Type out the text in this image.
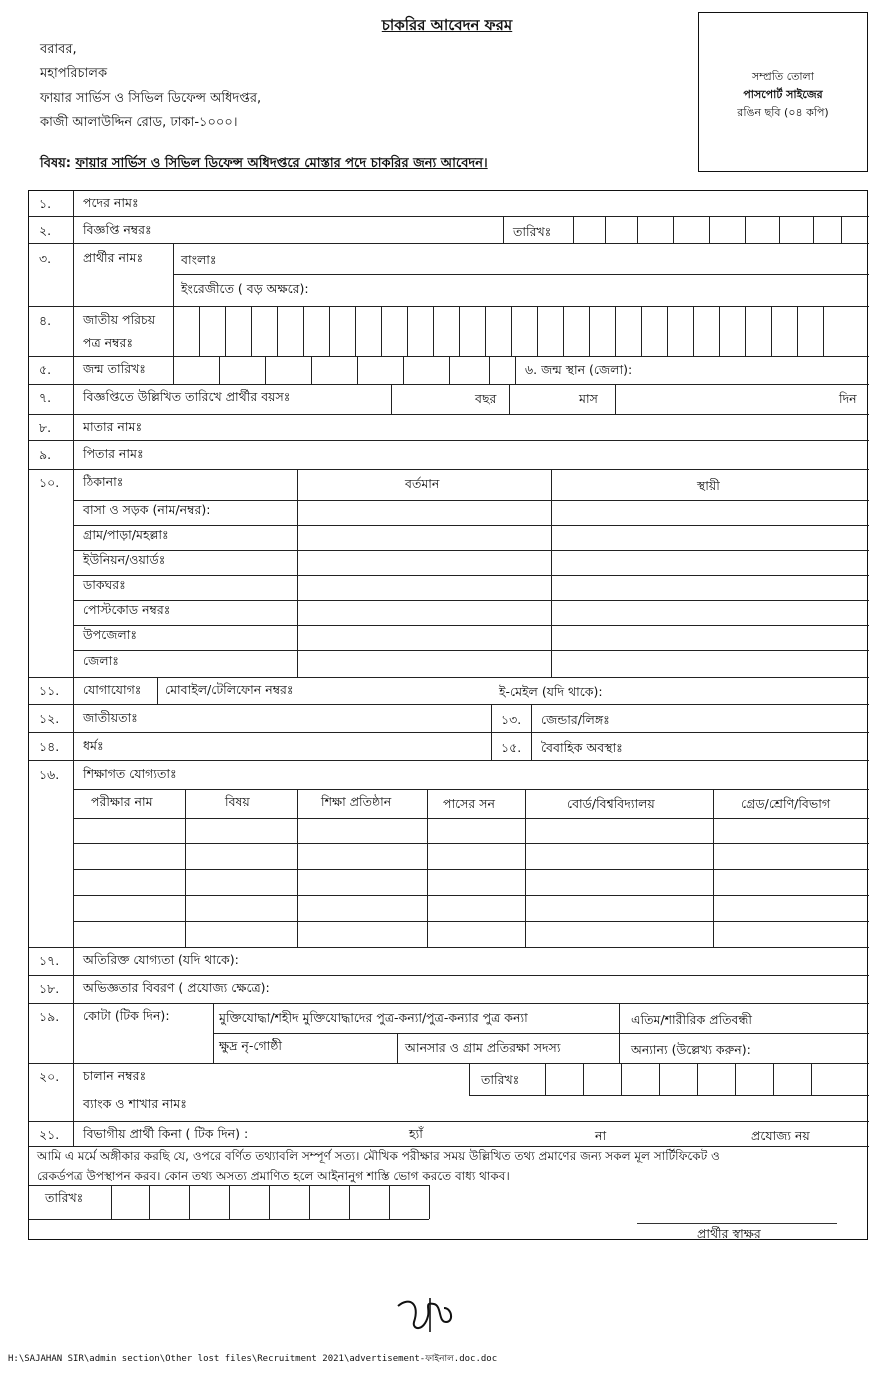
চাকরির আবেদন ফরম
বরাবর,
মহাপরিচালক
ফায়ার সার্ভিস ও সিভিল ডিফেন্স অধিদপ্তর,
কাজী আলাউদ্দিন রোড, ঢাকা-১০০০।
সম্প্রতি তোলা
পাসপোর্ট সাইজের
রঙিন ছবি (০৪ কপি)
বিষয়: ফায়ার সার্ভিস ও সিভিল ডিফেন্স অধিদপ্তরে মোস্তার পদে চাকরির জন্য আবেদন।
১.	পদের নামঃ
২.	বিজ্ঞপ্তি নম্বরঃ	তারিখঃ
৩.	প্রার্থীর নামঃ	বাংলাঃ
ইংরেজীতে ( বড় অক্ষরে):
৪.	জাতীয় পরিচয়
পত্র নম্বরঃ
৫.	জন্ম তারিখঃ	৬. জন্ম স্থান (জেলা):
৭.	বিজ্ঞপ্তিতে উল্লিখিত তারিখে প্রার্থীর বয়সঃ	বছর	মাস	দিন
৮.	মাতার নামঃ
৯.	পিতার নামঃ
১০. ঠিকানাঃ	বর্তমান	স্থায়ী
বাসা ও সড়ক (নাম/নম্বর):
গ্রাম/পাড়া/মহল্লাঃ
ইউনিয়ন/ওয়ার্ডঃ
ডাকঘরঃ
পোস্টকোড নম্বরঃ
উপজেলাঃ
জেলাঃ
১১. যোগাযোগঃ মোবাইল/টেলিফোন নম্বরঃ	ই-মেইল (যদি থাকে):
১২. জাতীয়তাঃ	১৩. জেন্ডার/লিঙ্গঃ
১৪. ধর্মঃ	১৫. বৈবাহিক অবস্থাঃ
১৬. শিক্ষাগত যোগ্যতাঃ
পরীক্ষার নাম	বিষয়	শিক্ষা প্রতিষ্ঠান	পাসের সন	বোর্ড/বিশ্ববিদ্যালয়	গ্রেড/শ্রেণি/বিভাগ
১৭. অতিরিক্ত যোগ্যতা (যদি থাকে):
১৮. অভিজ্ঞতার বিবরণ ( প্রযোজ্য ক্ষেত্রে):
১৯. কোটা (টিক দিন):	মুক্তিযোদ্ধা/শহীদ মুক্তিযোদ্ধাদের পুত্র-কন্যা/পুত্র-কন্যার পুত্র কন্যা	এতিম/শারীরিক প্রতিবন্ধী
ক্ষুদ্র নৃ-গোষ্ঠী	আনসার ও গ্রাম প্রতিরক্ষা সদস্য	অন্যান্য (উল্লেখ্য করুন):
২০. চালান নম্বরঃ	তারিখঃ
ব্যাংক ও শাখার নামঃ
২১. বিভাগীয় প্রার্থী কিনা ( টিক দিন) :	হ্যাঁ	না	প্রযোজ্য নয়
আমি এ মর্মে অঙ্গীকার করছি যে, ওপরে বর্ণিত তথ্যাবলি সম্পূর্ণ সত্য। মৌখিক পরীক্ষার সময় উল্লিখিত তথ্য প্রমাণের জন্য সকল মূল সার্টিফিকেট ও
রেকর্ডপত্র উপস্থাপন করব। কোন তথ্য অসত্য প্রমাণিত হলে আইনানুগ শাস্তি ভোগ করতে বাধ্য থাকব।
তারিখঃ
প্রার্থীর স্বাক্ষর
H:\SAJAHAN SIR\admin section\Other lost files\Recruitment 2021\advertisement-ফাইনাল.doc.doc
